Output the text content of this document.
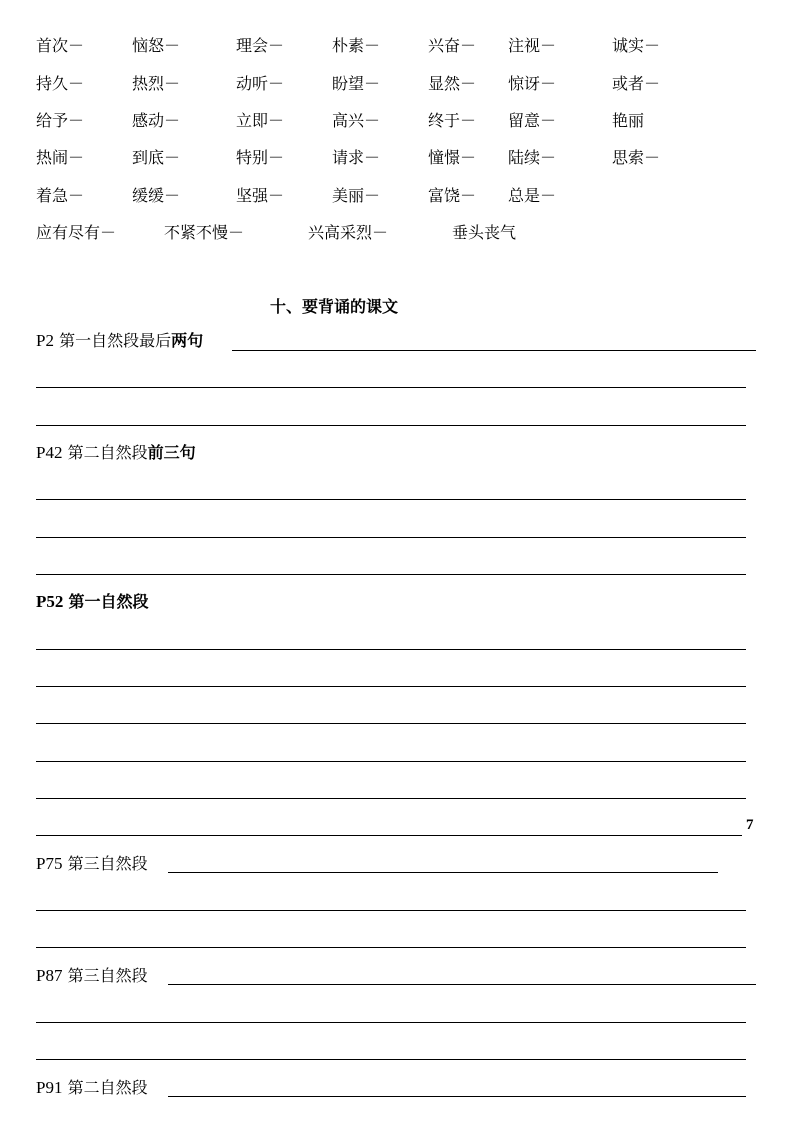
首次－	恼怒－	理会－	朴素－	兴奋－ 注视－	诚实－
持久－	热烈－	动听－	盼望－	显然－ 惊讶－	或者－
给予－	感动－	立即－	高兴－	终于－ 留意－	艳丽
热闹－	到底－	特别－	请求－	憧憬－ 陆续－	思索－
着急－	缓缓－	坚强－	美丽－	富饶－ 总是－
应有尽有－	不紧不慢－	兴高采烈－	垂头丧气
十、要背诵的课文
P2 第一自然段最后两句
P42 第二自然段前三句
P52 第一自然段
7
P75 第三自然段
P87 第三自然段
P91 第二自然段
